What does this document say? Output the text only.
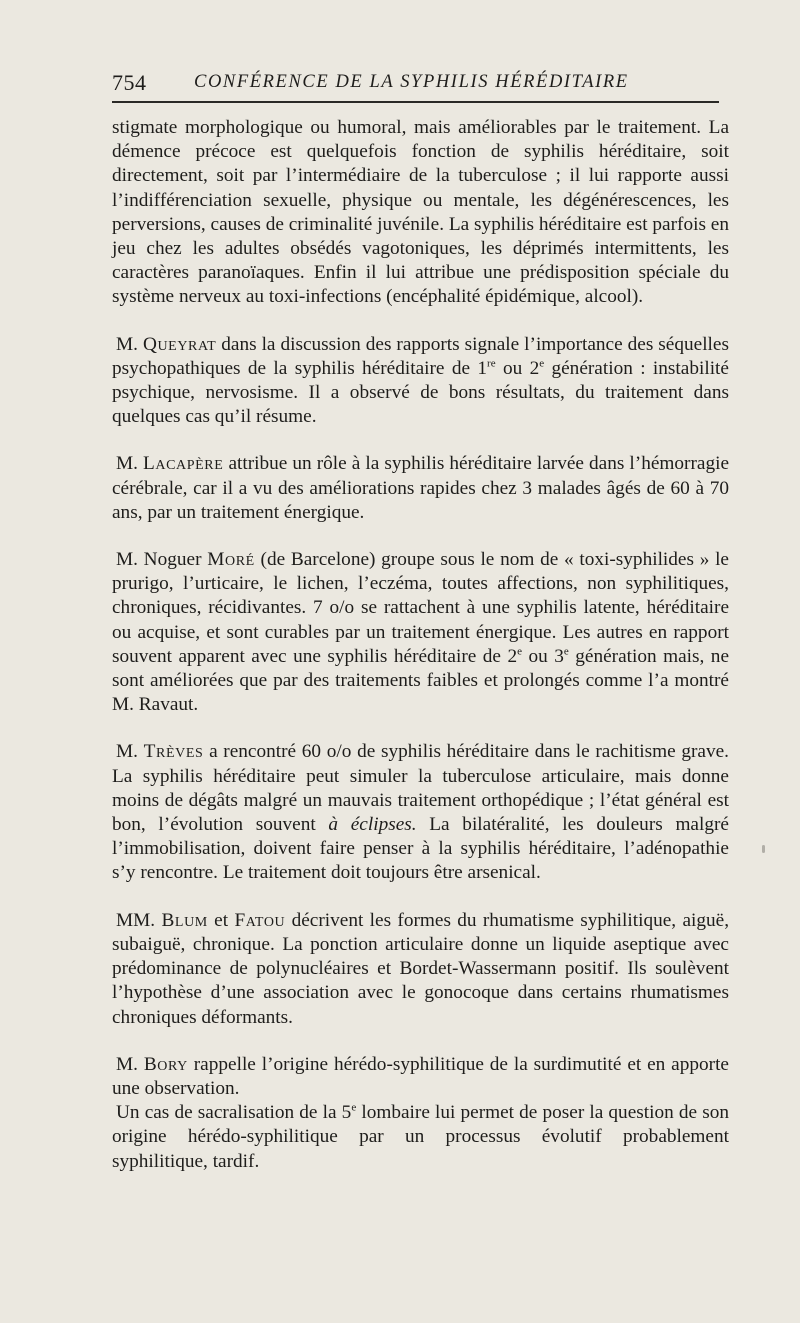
754	CONFÉRENCE DE LA SYPHILIS HÉRÉDITAIRE

stigmate morphologique ou humoral, mais améliorables par le traitement. La démence précoce est quelquefois fonction de syphilis héréditaire, soit directement, soit par l’intermédiaire de la tuberculose ; il lui rapporte aussi l’indifférenciation sexuelle, physique ou mentale, les dégénérescences, les perversions, causes de criminalité juvénile. La syphilis héréditaire est parfois en jeu chez les adultes obsédés vagotoniques, les déprimés intermittents, les caractères paranoïaques. Enfin il lui attribue une prédisposition spéciale du système nerveux au toxi-infections (encéphalité épidémique, alcool).

M. Queyrat dans la discussion des rapports signale l’importance des séquelles psychopathiques de la syphilis héréditaire de 1re ou 2e génération : instabilité psychique, nervosisme. Il a observé de bons résultats, du traitement dans quelques cas qu’il résume.

M. Lacapère attribue un rôle à la syphilis héréditaire larvée dans l’hémorragie cérébrale, car il a vu des améliorations rapides chez 3 malades âgés de 60 à 70 ans, par un traitement énergique.

M. Noguer Moré (de Barcelone) groupe sous le nom de « toxi-syphilides » le prurigo, l’urticaire, le lichen, l’eczéma, toutes affections, non syphilitiques, chroniques, récidivantes. 7 o/o se rattachent à une syphilis latente, héréditaire ou acquise, et sont curables par un traitement énergique. Les autres en rapport souvent apparent avec une syphilis héréditaire de 2e ou 3e génération mais, ne sont améliorées que par des traitements faibles et prolongés comme l’a montré M. Ravaut.

M. Trèves a rencontré 60 o/o de syphilis héréditaire dans le rachitisme grave. La syphilis héréditaire peut simuler la tuberculose articulaire, mais donne moins de dégâts malgré un mauvais traitement orthopédique ; l’état général est bon, l’évolution souvent à éclipses. La bilatéralité, les douleurs malgré l’immobilisation, doivent faire penser à la syphilis héréditaire, l’adénopathie s’y rencontre. Le traitement doit toujours être arsenical.

MM. Blum et Fatou décrivent les formes du rhumatisme syphilitique, aiguë, subaiguë, chronique. La ponction articulaire donne un liquide aseptique avec prédominance de polynucléaires et Bordet-Wassermann positif. Ils soulèvent l’hypothèse d’une association avec le gonocoque dans certains rhumatismes chroniques déformants.

M. Bory rappelle l’origine hérédo-syphilitique de la surdimutité et en apporte une observation.

Un cas de sacralisation de la 5e lombaire lui permet de poser la question de son origine hérédo-syphilitique par un processus évolutif probablement syphilitique, tardif.
